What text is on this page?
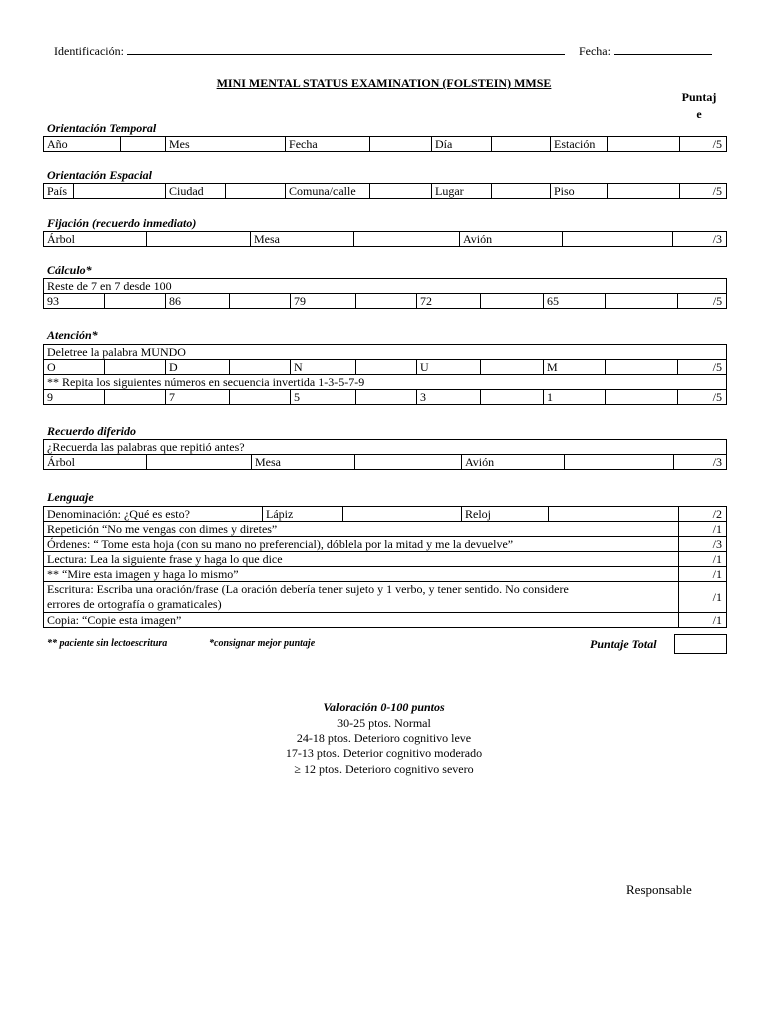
Identificación:	Fecha:
MINI MENTAL STATUS EXAMINATION (FOLSTEIN) MMSE
Puntaj
e
Orientación Temporal
Año		Mes	Fecha		Día		Estación		/5
Orientación Espacial
País		Ciudad		Comuna/calle		Lugar		Piso		/5
Fijación (recuerdo inmediato)
Árbol		Mesa		Avión		/3
Cálculo*
Reste de 7 en 7 desde 100
93		86		79		72		65		/5
Atención*
Deletree la palabra MUNDO										
O		D		N		U		M		/5
** Repita los siguientes números en secuencia invertida 1-3-5-7-9										
9		7		5		3		1		/5
Recuerdo diferido
¿Recuerda las palabras que repitió antes?
Árbol		Mesa		Avión		/3
Lenguaje
Denominación: ¿Qué es esto?	Lápiz		Reloj		/2
Repetición “No me vengas con dimes y diretes”					/1
Órdenes: “ Tome esta hoja (con su mano no preferencial), dóblela por la mitad y me la devuelve”					/3
Lectura: Lea la siguiente frase y haga lo que dice					/1
** “Mire esta imagen y haga lo mismo”					/1

Escritura: Escriba una oración/frase (La oración debería tener sujeto y 1 verbo, y tener sentido. No considere
errores de ortografía o gramaticales)					/1
Copia: “Copie esta imagen”					/1
** paciente sin lectoescritura	*consignar mejor puntaje	Puntaje Total
Valoración 0-100 puntos
30-25 ptos. Normal
24-18 ptos. Deterioro cognitivo leve
17-13 ptos. Deterior cognitivo moderado
≥ 12 ptos. Deterioro cognitivo severo
Responsable
